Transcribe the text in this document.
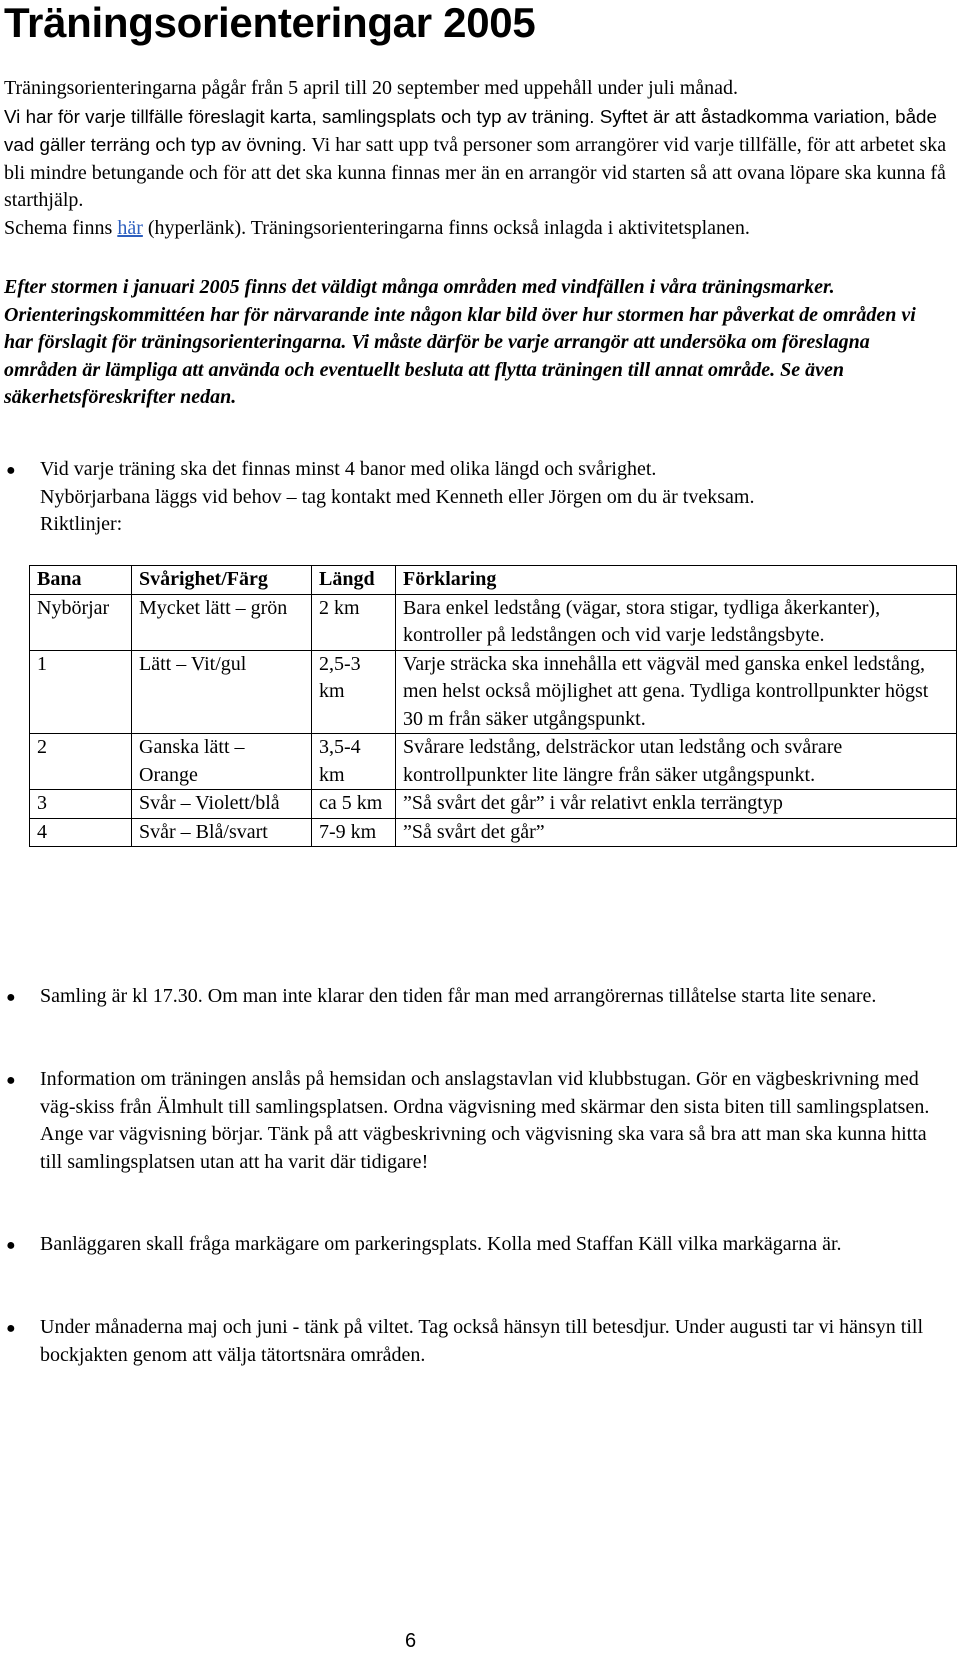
Träningsorienteringar 2005

Träningsorienteringarna pågår från 5 april till 20 september med uppehåll under juli månad.
Vi har för varje tillfälle föreslagit karta, samlingsplats och typ av träning. Syftet är att åstadkomma variation, både vad gäller terräng och typ av övning. Vi har satt upp två personer som arrangörer vid varje tillfälle, för att arbetet ska bli mindre betungande och för att det ska kunna finnas mer än en arrangör vid starten så att ovana löpare ska kunna få starthjälp.
Schema finns här (hyperlänk). Träningsorienteringarna finns också inlagda i aktivitetsplanen.

Efter stormen i januari 2005 finns det väldigt många områden med vindfällen i våra träningsmarker. Orienteringskommittéen har för närvarande inte någon klar bild över hur stormen har påverkat de områden vi har förslagit för träningsorienteringarna. Vi måste därför be varje arrangör att undersöka om föreslagna områden är lämpliga att använda och eventuellt besluta att flytta träningen till annat område. Se även säkerhetsföreskrifter nedan.

● Vid varje träning ska det finnas minst 4 banor med olika längd och svårighet.
Nybörjarbana läggs vid behov – tag kontakt med Kenneth eller Jörgen om du är tveksam.
Riktlinjer:
Bana	Svårighet/Färg	Längd	Förklaring
Nybörjar	Mycket lätt – grön	2 km	Bara enkel ledstång (vägar, stora stigar, tydliga åkerkanter), kontroller på ledstången och vid varje ledstångsbyte.
1	Lätt – Vit/gul	2,5-3 km	Varje sträcka ska innehålla ett vägväl med ganska enkel ledstång, men helst också möjlighet att gena. Tydliga kontrollpunkter högst 30 m från säker utgångspunkt.
2	Ganska lätt – Orange	3,5-4 km	Svårare ledstång, delsträckor utan ledstång och svårare kontrollpunkter lite längre från säker utgångspunkt.
3	Svår – Violett/blå	ca 5 km	”Så svårt det går” i vår relativt enkla terrängtyp
4	Svår – Blå/svart	7-9 km	”Så svårt det går”
● Samling är kl 17.30. Om man inte klarar den tiden får man med arrangörernas tillåtelse starta lite senare.
● Information om träningen anslås på hemsidan och anslagstavlan vid klubbstugan. Gör en vägbeskrivning med väg-skiss från Älmhult till samlingsplatsen. Ordna vägvisning med skärmar den sista biten till samlingsplatsen. Ange var vägvisning börjar. Tänk på att vägbeskrivning och vägvisning ska vara så bra att man ska kunna hitta till samlingsplatsen utan att ha varit där tidigare!
● Banläggaren skall fråga markägare om parkeringsplats. Kolla med Staffan Käll vilka markägarna är.
● Under månaderna maj och juni - tänk på viltet. Tag också hänsyn till betesdjur. Under augusti tar vi hänsyn till bockjakten genom att välja tätortsnära områden.
6
